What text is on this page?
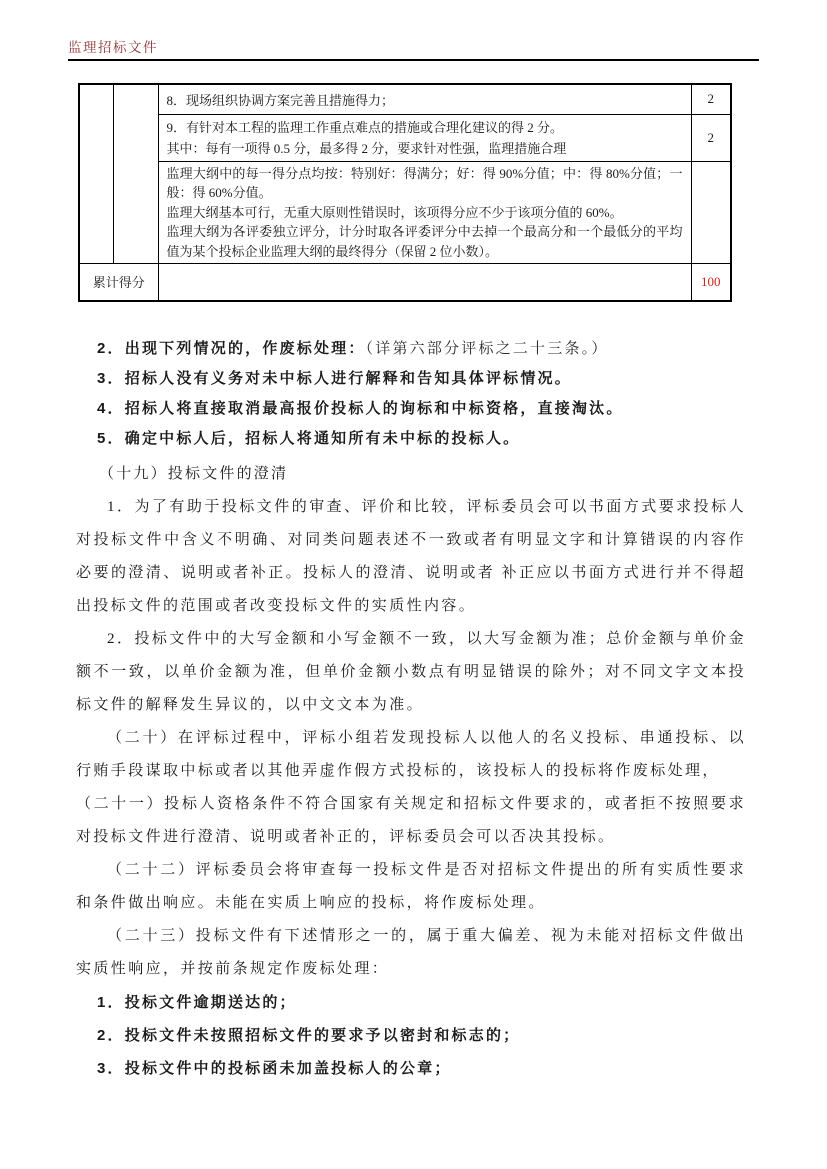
监理招标文件
		8．现场组织协调方案完善且措施得力；	2

		9．有针对本工程的监理工作重点难点的措施或合理化建议的得 2 分。
其中：每有一项得 0.5 分，最多得 2 分，要求针对性强，监理措施合理	2

		监理大纲中的每一得分点均按：特别好：得满分；好：得 90%分值；中：得 80%分值；一般：得 60%分值。

监理大纲基本可行，无重大原则性错误时，该项得分应不少于该项分值的 60%。

监理大纲为各评委独立评分，计分时取各评委评分中去掉一个最高分和一个最低分的平均值为某个投标企业监理大纲的最终得分（保留 2 位小数）。	

累计得分			100
2．出现下列情况的，作废标处理：（详第六部分评标之二十三条。）
3．招标人没有义务对未中标人进行解释和告知具体评标情况。
4．招标人将直接取消最高报价投标人的询标和中标资格，直接淘汰。
5．确定中标人后，招标人将通知所有未中标的投标人。
（十九）投标文件的澄清

1．为了有助于投标文件的审查、评价和比较，评标委员会可以书面方式要求投标人对投标文件中含义不明确、对同类问题表述不一致或者有明显文字和计算错误的内容作必要的澄清、说明或者补正。投标人的澄清、说明或者 补正应以书面方式进行并不得超出投标文件的范围或者改变投标文件的实质性内容。

2．投标文件中的大写金额和小写金额不一致，以大写金额为准；总价金额与单价金额不一致，以单价金额为准，但单价金额小数点有明显错误的除外；对不同文字文本投标文件的解释发生异议的，以中文文本为准。

（二十）在评标过程中，评标小组若发现投标人以他人的名义投标、串通投标、以行贿手段谋取中标或者以其他弄虚作假方式投标的，该投标人的投标将作废标处理，

（二十一）投标人资格条件不符合国家有关规定和招标文件要求的，或者拒不按照要求对投标文件进行澄清、说明或者补正的，评标委员会可以否决其投标。

（二十二）评标委员会将审查每一投标文件是否对招标文件提出的所有实质性要求和条件做出响应。未能在实质上响应的投标，将作废标处理。

（二十三）投标文件有下述情形之一的，属于重大偏差、视为未能对招标文件做出实质性响应，并按前条规定作废标处理：

1．投标文件逾期送达的；
2．投标文件未按照招标文件的要求予以密封和标志的；
3．投标文件中的投标函未加盖投标人的公章；
